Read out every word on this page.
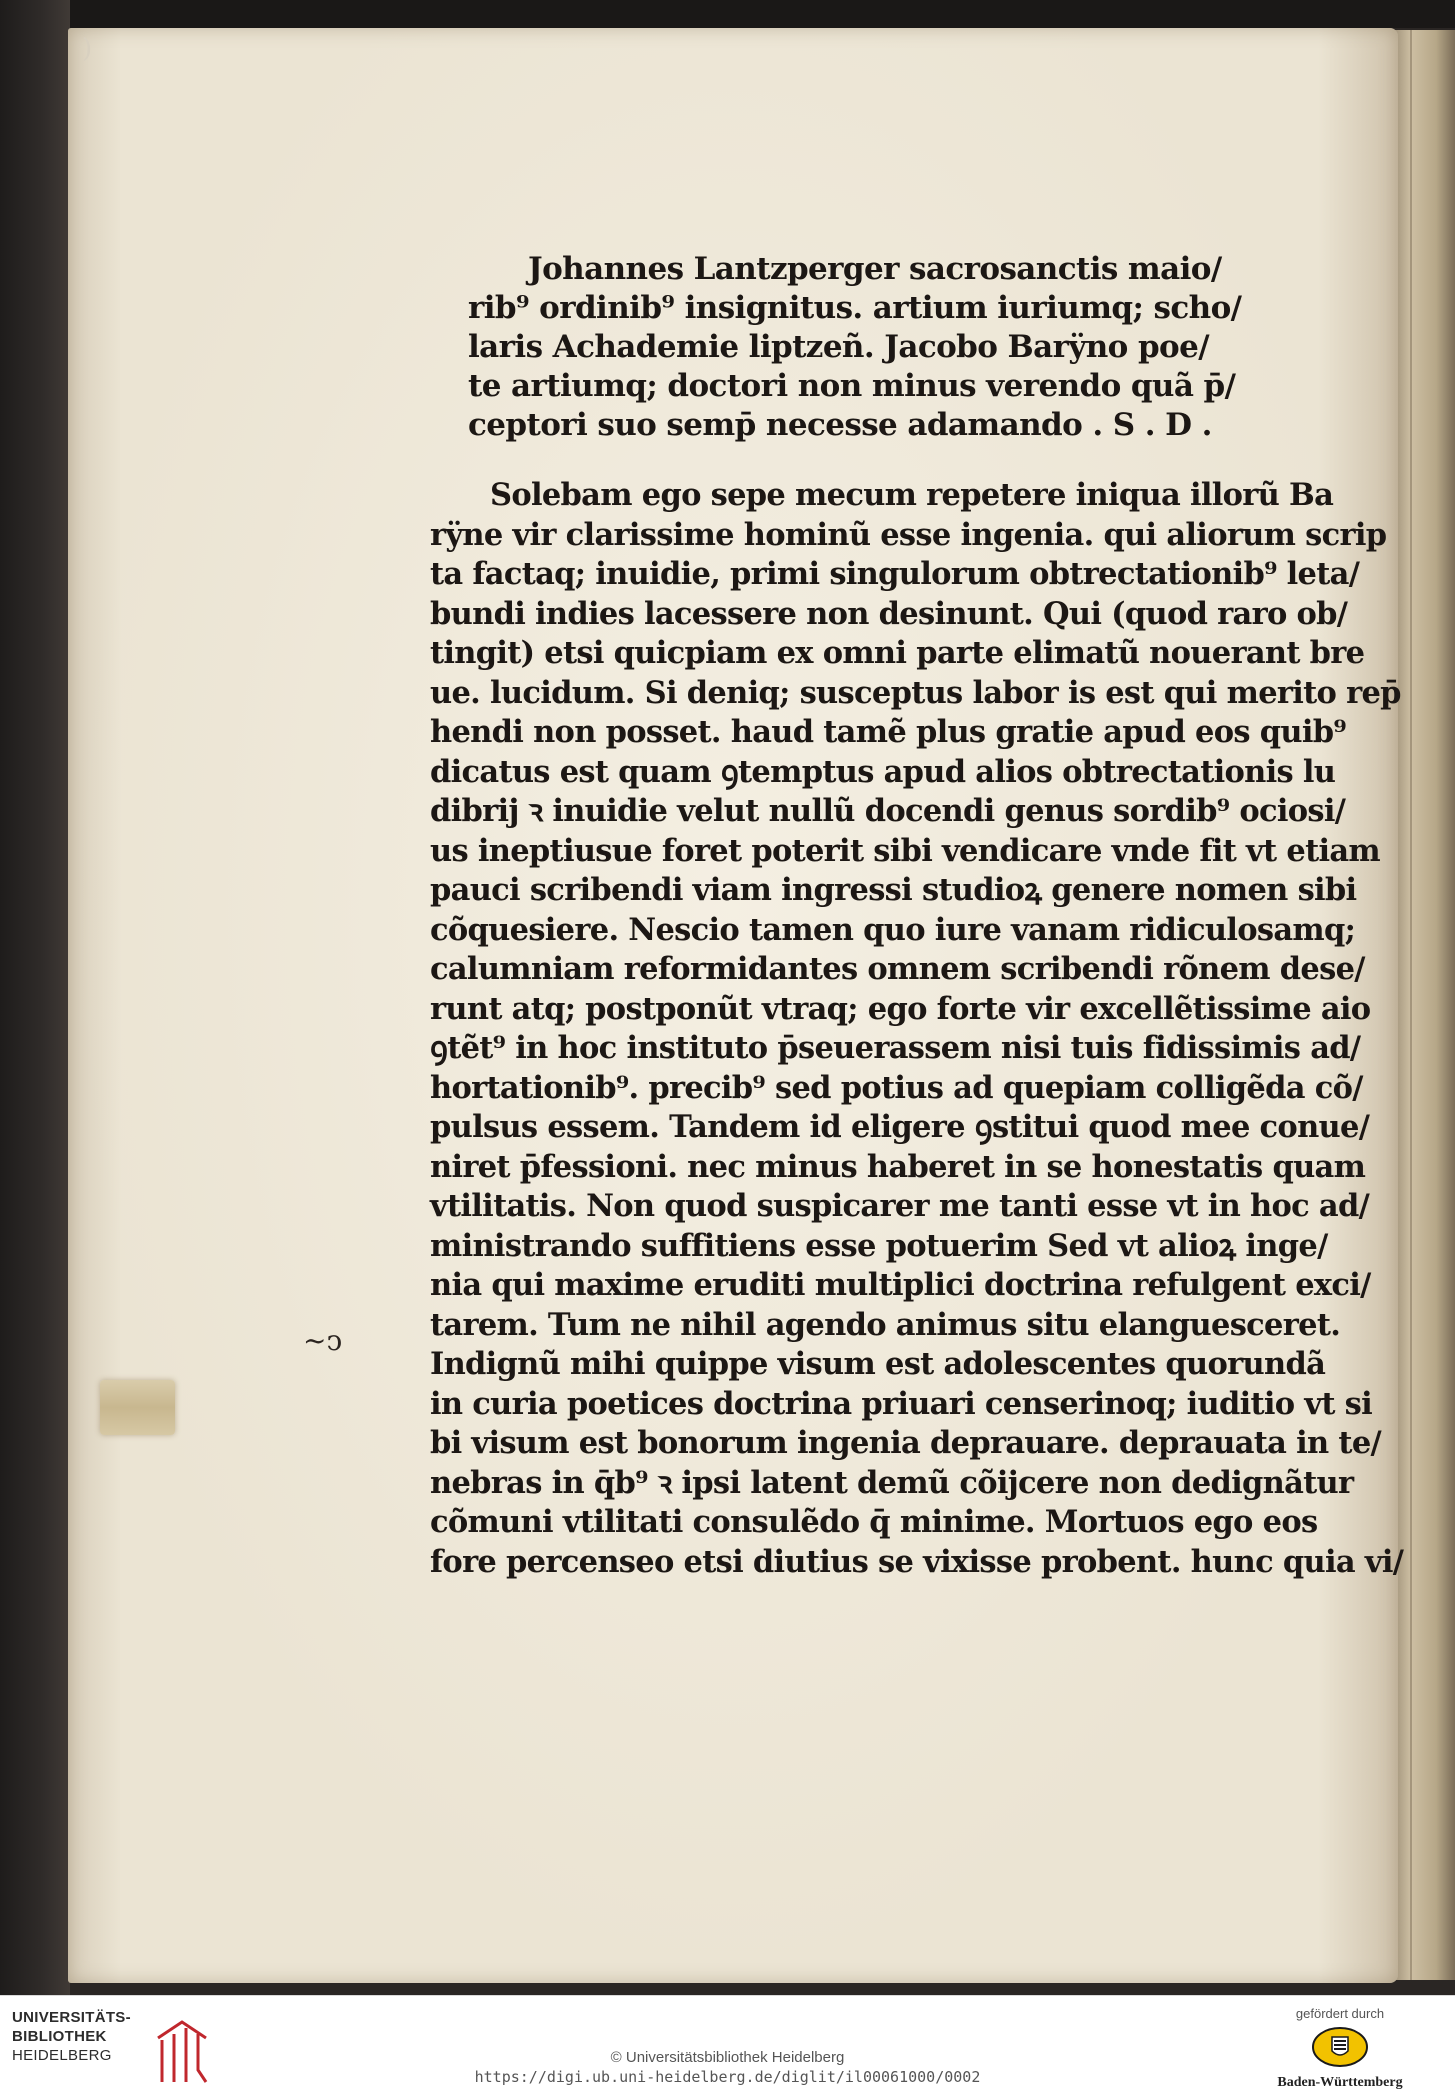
)
~ↄ
Johannes Lantzperger sacrosanctis maio/
rib⁹ ordinib⁹ insignitus. artium iuriumq; scho/
laris Achademie liptzeñ. Jacobo Barÿno poe/
te artiumq; doctori non minus verendo quã p̄/
ceptori suo semp̄ necesse adamando . S . D .
Solebam ego sepe mecum repetere iniqua illorũ Ba
rÿne vir clarissime hominũ esse ingenia. qui aliorum scrip
ta factaq; inuidie, primi singulorum obtrectationib⁹ leta/
bundi indies lacessere non desinunt. Qui (quod raro ob/
tingit) etsi quicpiam ex omni parte elimatũ nouerant bre
ue. lucidum. Si deniq; susceptus labor is est qui merito rep̄
hendi non posset. haud tamẽ plus gratie apud eos quib⁹
dicatus est quam ꝯtemptus apud alios obtrectationis lu
dibrij ꝛ inuidie velut nullũ docendi genus sordib⁹ ociosi/
us ineptiusue foret poterit sibi vendicare vnde fit vt etiam
pauci scribendi viam ingressi studioꝝ genere nomen sibi
cõquesiere. Nescio tamen quo iure vanam ridiculosamq;
calumniam reformidantes omnem scribendi rõnem dese/
runt atq; postponũt vtraq; ego forte vir excellẽtissime aio
ꝯtẽt⁹ in hoc instituto p̄seuerassem nisi tuis fidissimis ad/
hortationib⁹. precib⁹ sed potius ad quepiam colligẽda cõ/
pulsus essem. Tandem id eligere ꝯstitui quod mee conue/
niret p̄fessioni. nec minus haberet in se honestatis quam
vtilitatis. Non quod suspicarer me tanti esse vt in hoc ad/
ministrando suffitiens esse potuerim Sed vt alioꝝ inge/
nia qui maxime eruditi multiplici doctrina refulgent exci/
tarem. Tum ne nihil agendo animus situ elanguesceret.
Indignũ mihi quippe visum est adolescentes quorundã
in curia poetices doctrina priuari censerinoq; iuditio vt si
bi visum est bonorum ingenia deprauare. deprauata in te/
nebras in q̄b⁹ ꝛ ipsi latent demũ cõijcere non dedignãtur
cõmuni vtilitati consulẽdo q̄ minime. Mortuos ego eos
fore percenseo etsi diutius se vixisse probent. hunc quia vi/
UNIVERSITÄTS-
BIBLIOTHEK
HEIDELBERG	© Universitätsbibliothek Heidelberg
https://digi.ub.uni-heidelberg.de/diglit/il00061000/0002
gefördert durch
Baden-Württemberg
